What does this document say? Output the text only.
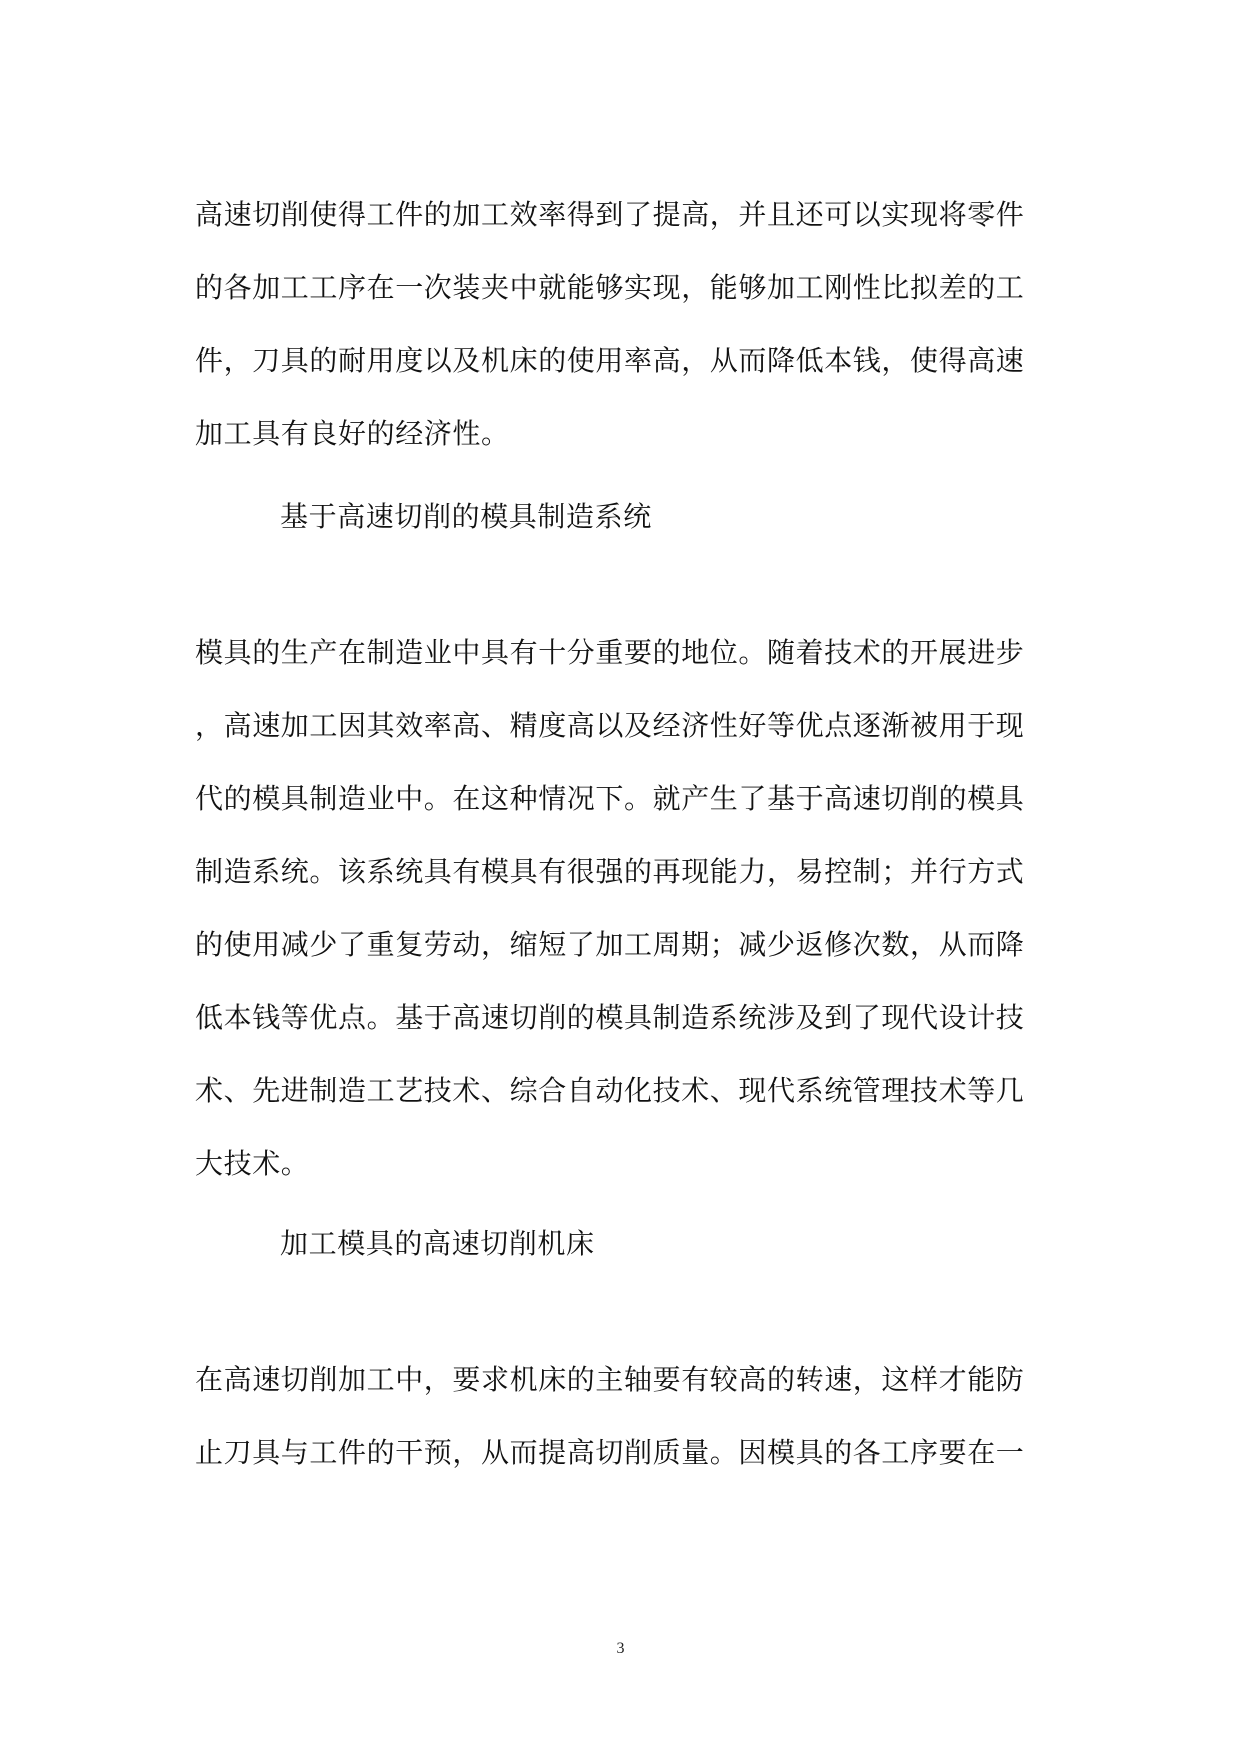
高速切削使得工件的加工效率得到了提高，并且还可以实现将零件
的各加工工序在一次装夹中就能够实现，能够加工刚性比拟差的工
件，刀具的耐用度以及机床的使用率高，从而降低本钱，使得高速
加工具有良好的经济性。
基于高速切削的模具制造系统
模具的生产在制造业中具有十分重要的地位。随着技术的开展进步
，高速加工因其效率高、精度高以及经济性好等优点逐渐被用于现
代的模具制造业中。在这种情况下。就产生了基于高速切削的模具
制造系统。该系统具有模具有很强的再现能力，易控制；并行方式
的使用减少了重复劳动，缩短了加工周期；减少返修次数，从而降
低本钱等优点。基于高速切削的模具制造系统涉及到了现代设计技
术、先进制造工艺技术、综合自动化技术、现代系统管理技术等几
大技术。
加工模具的高速切削机床
在高速切削加工中，要求机床的主轴要有较高的转速，这样才能防
止刀具与工件的干预，从而提高切削质量。因模具的各工序要在一
3
